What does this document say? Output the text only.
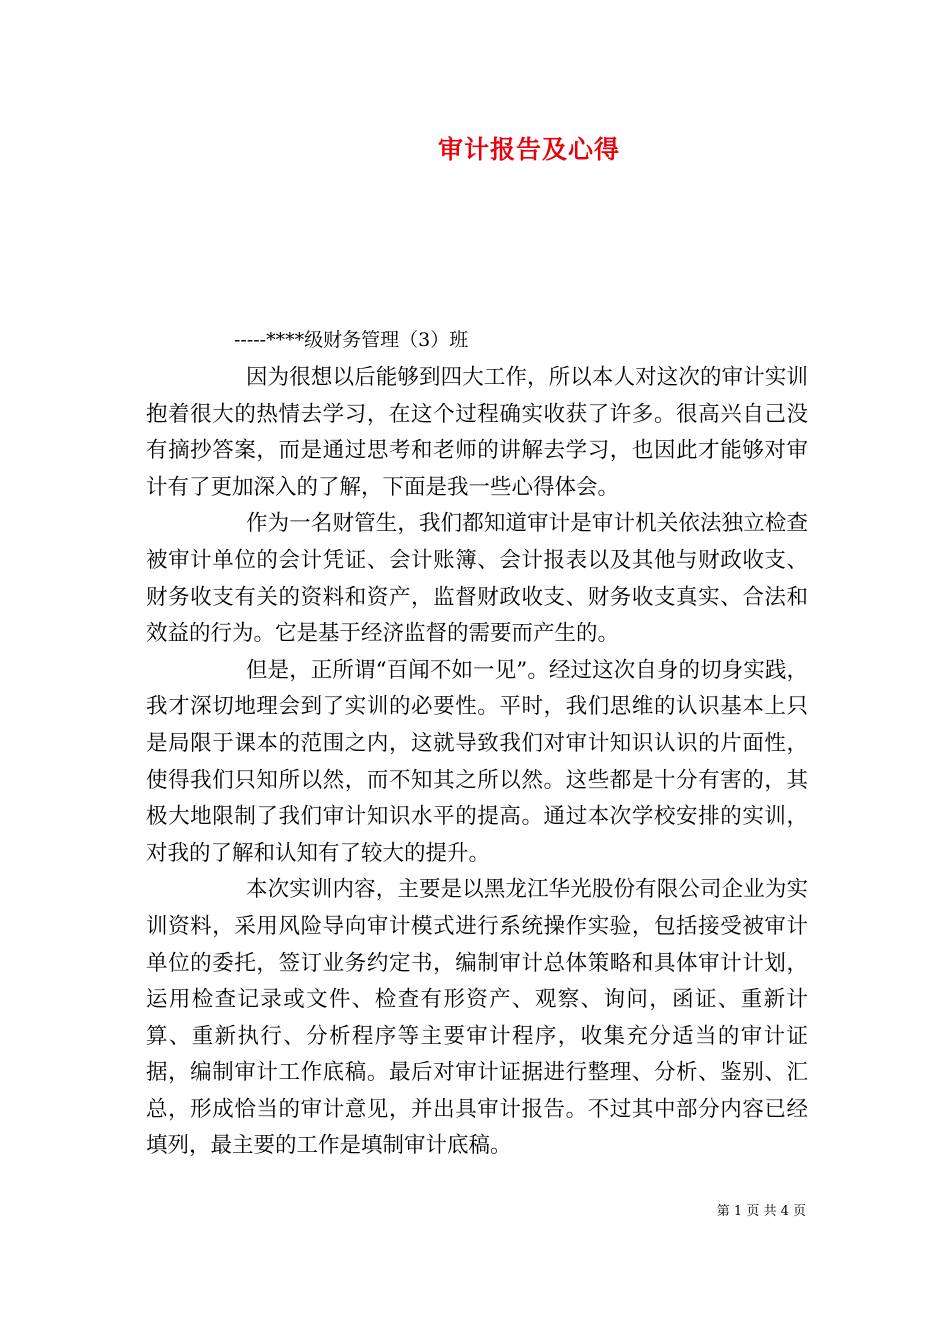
审计报告及心得
-----****级财务管理（3）班

因为很想以后能够到四大工作，所以本人对这次的审计实训抱着很大的热情去学习，在这个过程确实收获了许多。很高兴自己没有摘抄答案，而是通过思考和老师的讲解去学习，也因此才能够对审计有了更加深入的了解，下面是我一些心得体会。

作为一名财管生，我们都知道审计是审计机关依法独立检查被审计单位的会计凭证、会计账簿、会计报表以及其他与财政收支、财务收支有关的资料和资产，监督财政收支、财务收支真实、合法和效益的行为。它是基于经济监督的需要而产生的。

但是，正所谓“百闻不如一见”。经过这次自身的切身实践，我才深切地理会到了实训的必要性。平时，我们思维的认识基本上只是局限于课本的范围之内，这就导致我们对审计知识认识的片面性，使得我们只知所以然，而不知其之所以然。这些都是十分有害的，其极大地限制了我们审计知识水平的提高。通过本次学校安排的实训，对我的了解和认知有了较大的提升。

本次实训内容，主要是以黑龙江华光股份有限公司企业为实训资料，采用风险导向审计模式进行系统操作实验，包括接受被审计单位的委托，签订业务约定书，编制审计总体策略和具体审计计划，运用检查记录或文件、检查有形资产、观察、询问，函证、重新计算、重新执行、分析程序等主要审计程序，收集充分适当的审计证据，编制审计工作底稿。最后对审计证据进行整理、分析、鉴别、汇总，形成恰当的审计意见，并出具审计报告。不过其中部分内容已经填列，最主要的工作是填制审计底稿。

第 1 页 共 4 页
